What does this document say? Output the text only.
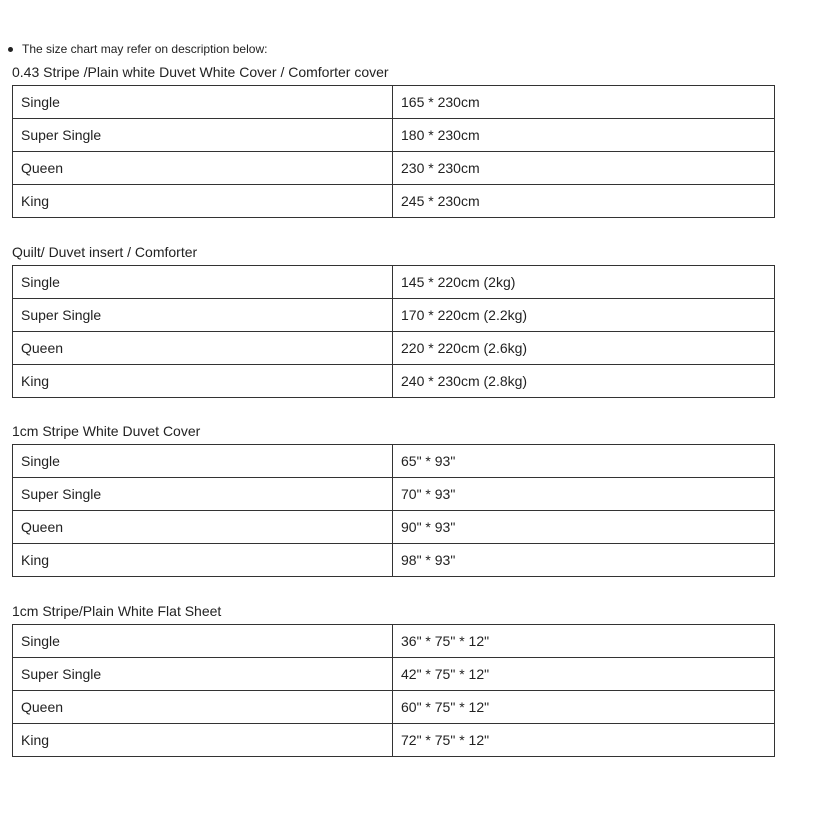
The size chart may refer on description below:
0.43 Stripe /Plain white Duvet White Cover / Comforter cover
Single	165 * 230cm
Super Single	180 * 230cm
Queen	230 * 230cm
King	245 * 230cm
Quilt/ Duvet insert / Comforter
Single	145 * 220cm (2kg)
Super Single	170 * 220cm (2.2kg)
Queen	220 * 220cm (2.6kg)
King	240 * 230cm (2.8kg)
1cm Stripe White Duvet Cover
Single	65" * 93"
Super Single	70" * 93"
Queen	90" * 93"
King	98" * 93"
1cm Stripe/Plain White Flat Sheet
Single	36" * 75" * 12"
Super Single	42" * 75" * 12"
Queen	60" * 75" * 12"
King	72" * 75" * 12"
